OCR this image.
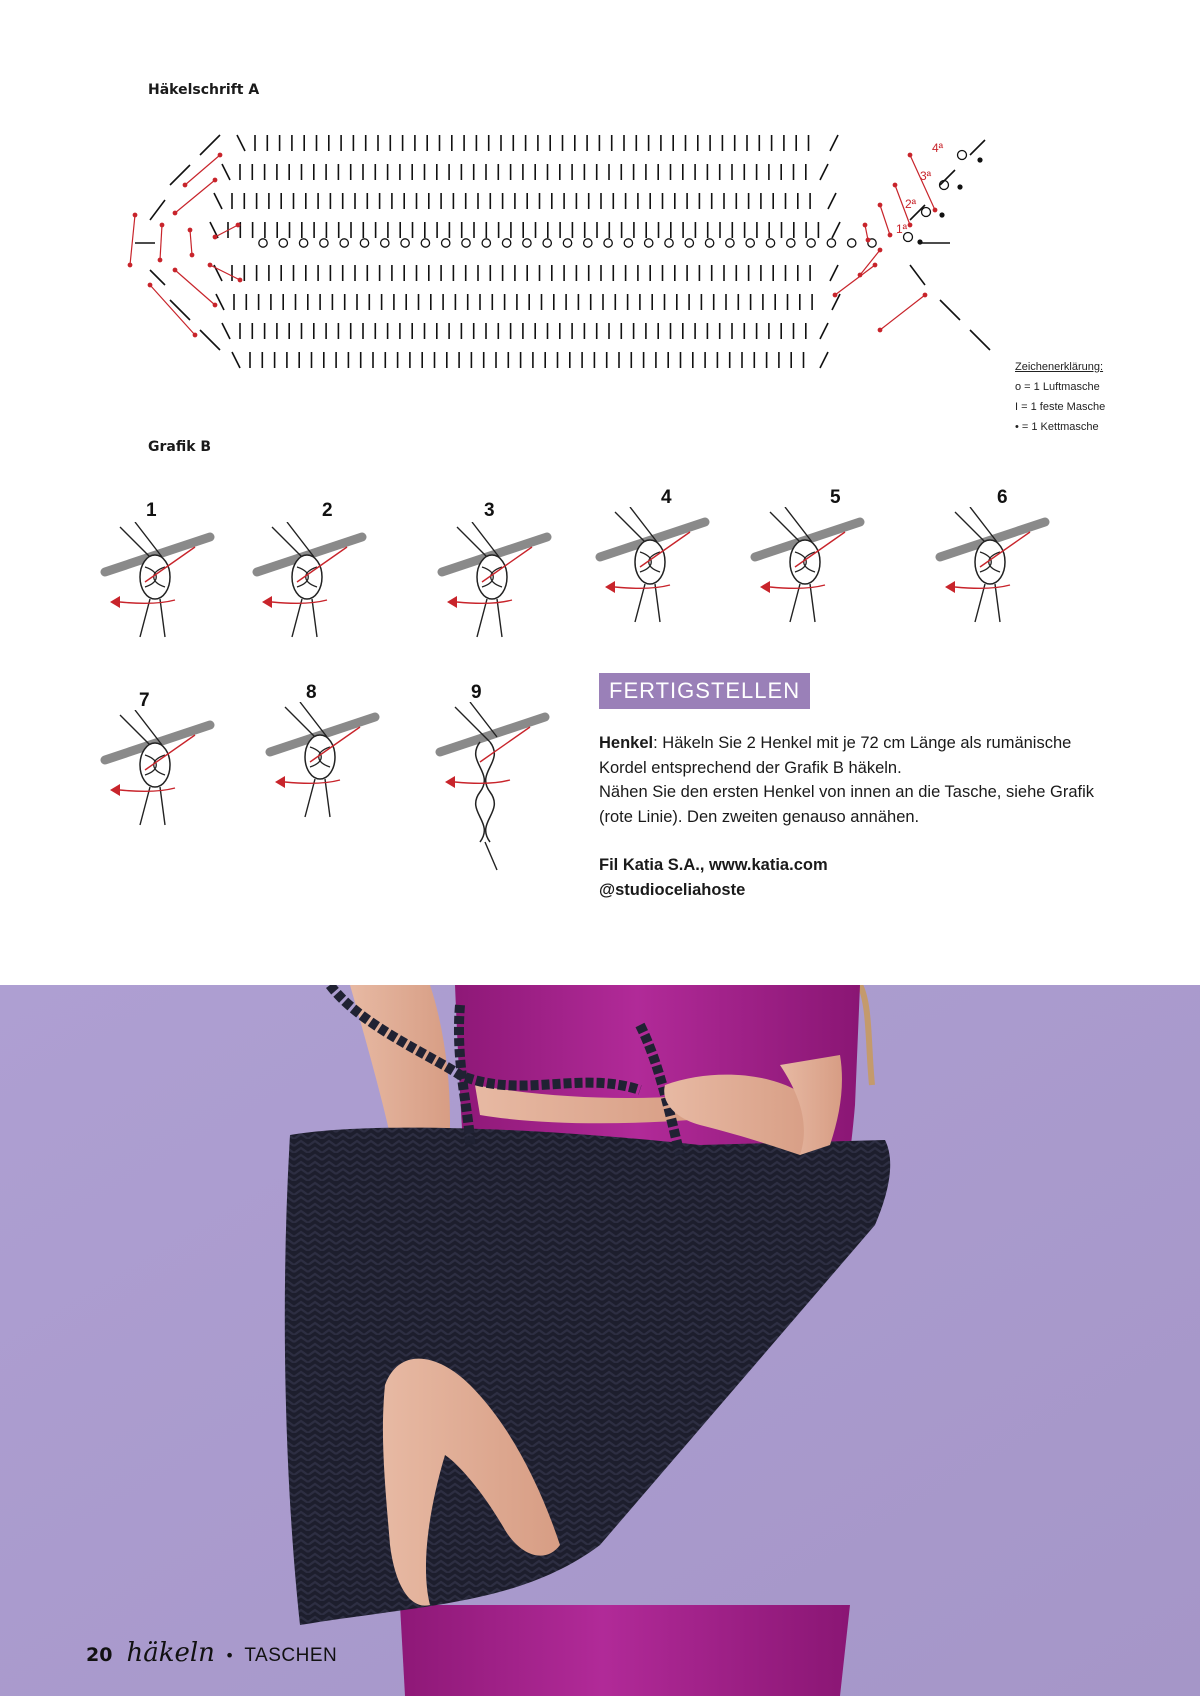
Häkelschrift A
4ª
3ª
2ª
1ª
Zeichenerklärung:
o = 1 Luftmasche
I = 1 feste Masche
• = 1 Kettmasche
Grafik B
1	2	3
4	5	6
7	8	9	FERTIGSTELLEN

Henkel: Häkeln Sie 2 Henkel mit je 72 cm Länge als rumänische Kordel entsprechend der Grafik B häkeln.

Nähen Sie den ersten Henkel von innen an die Tasche, siehe Grafik (rote Linie). Den zweiten genauso annähen.

Fil Katia S.A., www.katia.com

@studioceliahoste

20 häkeln • TASCHEN
